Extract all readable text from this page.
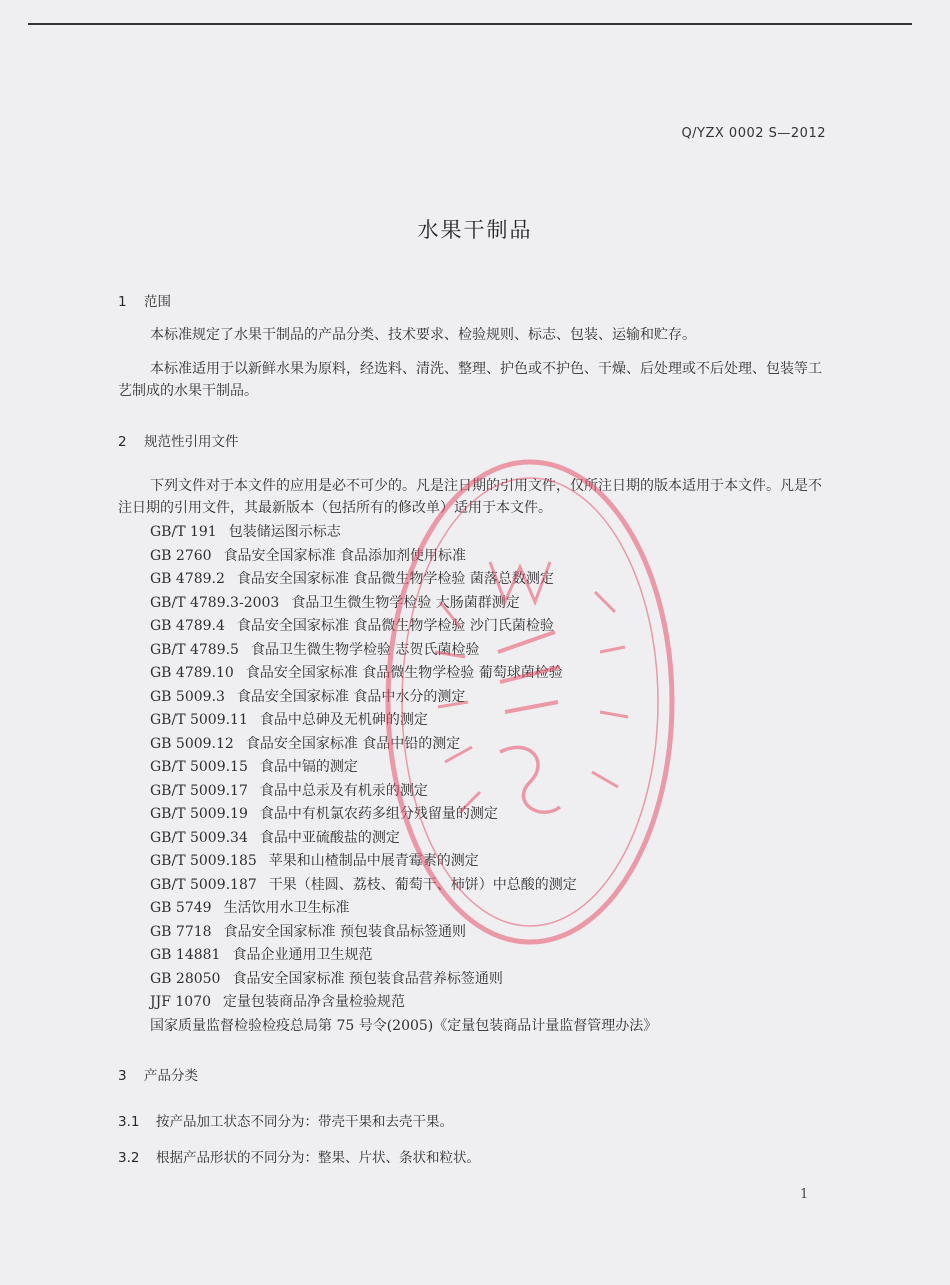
Q/YZX 0002 S—2012
水果干制品
1 范围

本标准规定了水果干制品的产品分类、技术要求、检验规则、标志、包装、运输和贮存。

本标准适用于以新鲜水果为原料，经选料、清洗、整理、护色或不护色、干燥、后处理或不后处理、包装等工艺制成的水果干制品。

2 规范性引用文件

下列文件对于本文件的应用是必不可少的。凡是注日期的引用文件，仅所注日期的版本适用于本文件。凡是不注日期的引用文件，其最新版本（包括所有的修改单）适用于本文件。

GB/T 191 包装储运图示标志
GB 2760 食品安全国家标准 食品添加剂使用标准
GB 4789.2 食品安全国家标准 食品微生物学检验 菌落总数测定
GB/T 4789.3-2003 食品卫生微生物学检验 大肠菌群测定
GB 4789.4 食品安全国家标准 食品微生物学检验 沙门氏菌检验
GB/T 4789.5 食品卫生微生物学检验 志贺氏菌检验
GB 4789.10 食品安全国家标准 食品微生物学检验 葡萄球菌检验
GB 5009.3 食品安全国家标准 食品中水分的测定
GB/T 5009.11 食品中总砷及无机砷的测定
GB 5009.12 食品安全国家标准 食品中铅的测定
GB/T 5009.15 食品中镉的测定
GB/T 5009.17 食品中总汞及有机汞的测定
GB/T 5009.19 食品中有机氯农药多组分残留量的测定
GB/T 5009.34 食品中亚硫酸盐的测定
GB/T 5009.185 苹果和山楂制品中展青霉素的测定
GB/T 5009.187 干果（桂圆、荔枝、葡萄干、柿饼）中总酸的测定
GB 5749 生活饮用水卫生标准
GB 7718 食品安全国家标准 预包装食品标签通则
GB 14881 食品企业通用卫生规范
GB 28050 食品安全国家标准 预包装食品营养标签通则
JJF 1070 定量包装商品净含量检验规范
国家质量监督检验检疫总局第 75 号令(2005)《定量包装商品计量监督管理办法》
3 产品分类
3.1 按产品加工状态不同分为：带壳干果和去壳干果。
3.2 根据产品形状的不同分为：整果、片状、条状和粒状。
1
